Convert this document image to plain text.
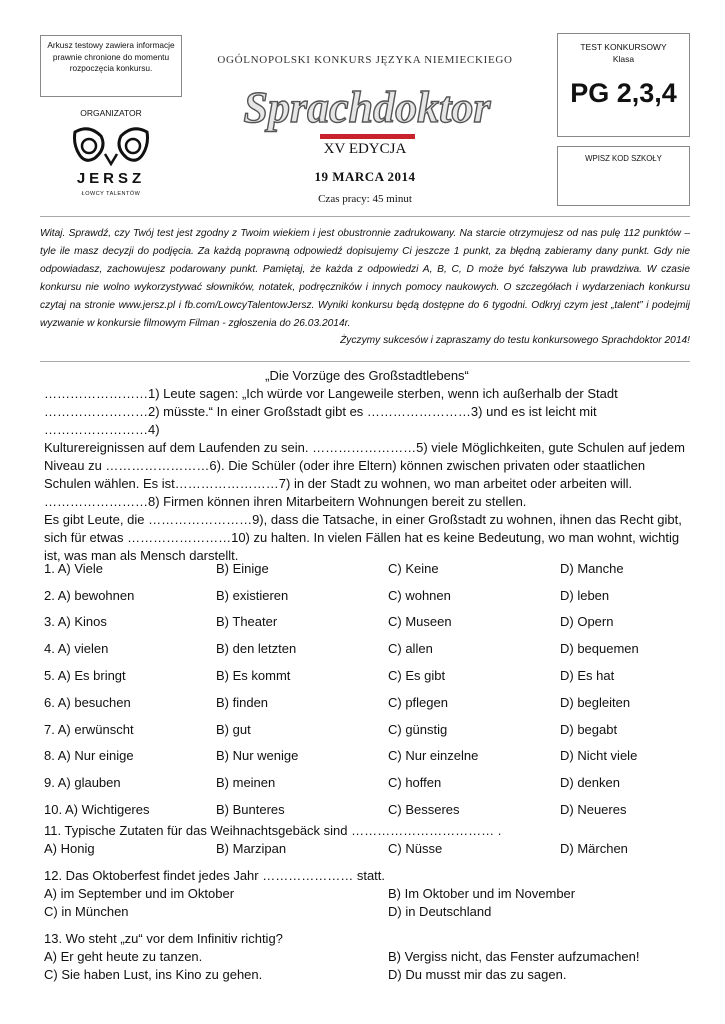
Arkusz testowy zawiera informacje prawnie chronione do momentu rozpoczęcia konkursu.
ORGANIZATOR
JERSZ
ŁOWCY TALENTÓW
OGÓLNOPOLSKI KONKURS JĘZYKA NIEMIECKIEGO
Sprachdoktor
XV EDYCJA
19 MARCA 2014
Czas pracy: 45 minut
TEST KONKURSOWY
Klasa
PG 2,3,4
WPISZ KOD SZKOŁY
Witaj. Sprawdź, czy Twój test jest zgodny z Twoim wiekiem i jest obustronnie zadrukowany. Na starcie otrzymujesz od nas pulę 112 punktów – tyle ile masz decyzji do podjęcia. Za każdą poprawną odpowiedź dopisujemy Ci jeszcze 1 punkt, za błędną zabieramy dany punkt. Gdy nie odpowiadasz, zachowujesz podarowany punkt. Pamiętaj, że każda z odpowiedzi A, B, C, D może być fałszywa lub prawdziwa. W czasie konkursu nie wolno wykorzystywać słowników, notatek, podręczników i innych pomocy naukowych. O szczegółach i wydarzeniach konkursu czytaj na stronie www.jersz.pl i fb.com/LowcyTalentowJersz. Wyniki konkursu będą dostępne do 6 tygodni. Odkryj czym jest „talent” i podejmij wyzwanie w konkursie filmowym Filman - zgłoszenia do 26.03.2014r.
Życzymy sukcesów i zapraszamy do testu konkursowego Sprachdoktor 2014!
„Die Vorzüge des Großstadtlebens“
……………………1) Leute sagen: „Ich würde vor Langeweile sterben, wenn ich außerhalb der Stadt
……………………2) müsste.“ In einer Großstadt gibt es ……………………3) und es ist leicht mit ……………………4)
Kulturereignissen auf dem Laufenden zu sein. ……………………5) viele Möglichkeiten, gute Schulen auf jedem
Niveau zu ……………………6). Die Schüler (oder ihre Eltern) können zwischen privaten oder staatlichen
Schulen wählen. Es ist……………………7) in der Stadt zu wohnen, wo man arbeitet oder arbeiten will.
……………………8) Firmen können ihren Mitarbeitern Wohnungen bereit zu stellen.
Es gibt Leute, die ……………………9), dass die Tatsache, in einer Großstadt zu wohnen, ihnen das Recht gibt,
sich für etwas ……………………10) zu halten. In vielen Fällen hat es keine Bedeutung, wo man wohnt, wichtig
ist, was man als Mensch darstellt.
1. A) Viele	B) Einige	C) Keine	D) Manche
2. A) bewohnen	B) existieren	C) wohnen	D) leben
3. A) Kinos	B) Theater	C) Museen	D) Opern
4. A) vielen	B) den letzten	C) allen	D) bequemen
5. A) Es bringt	B) Es kommt	C) Es gibt	D) Es hat
6. A) besuchen	B) finden	C) pflegen	D) begleiten
7. A) erwünscht	B) gut	C) günstig	D) begabt
8. A) Nur einige	B) Nur wenige	C) Nur einzelne	D) Nicht viele
9. A) glauben	B) meinen	C) hoffen	D) denken
10. A) Wichtigeres	B) Bunteres	C) Besseres	D) Neueres
11. Typische Zutaten für das Weihnachtsgebäck sind …………………………… .
A) Honig	B) Marzipan	C) Nüsse	D) Märchen
12. Das Oktoberfest findet jedes Jahr ………………… statt.
A) im September und im Oktober	B) Im Oktober und im November
C) in München	D) in Deutschland
13. Wo steht „zu“ vor dem Infinitiv richtig?
A) Er geht heute zu tanzen.	B) Vergiss nicht, das Fenster aufzumachen!
C) Sie haben Lust, ins Kino zu gehen.	D) Du musst mir das zu sagen.
